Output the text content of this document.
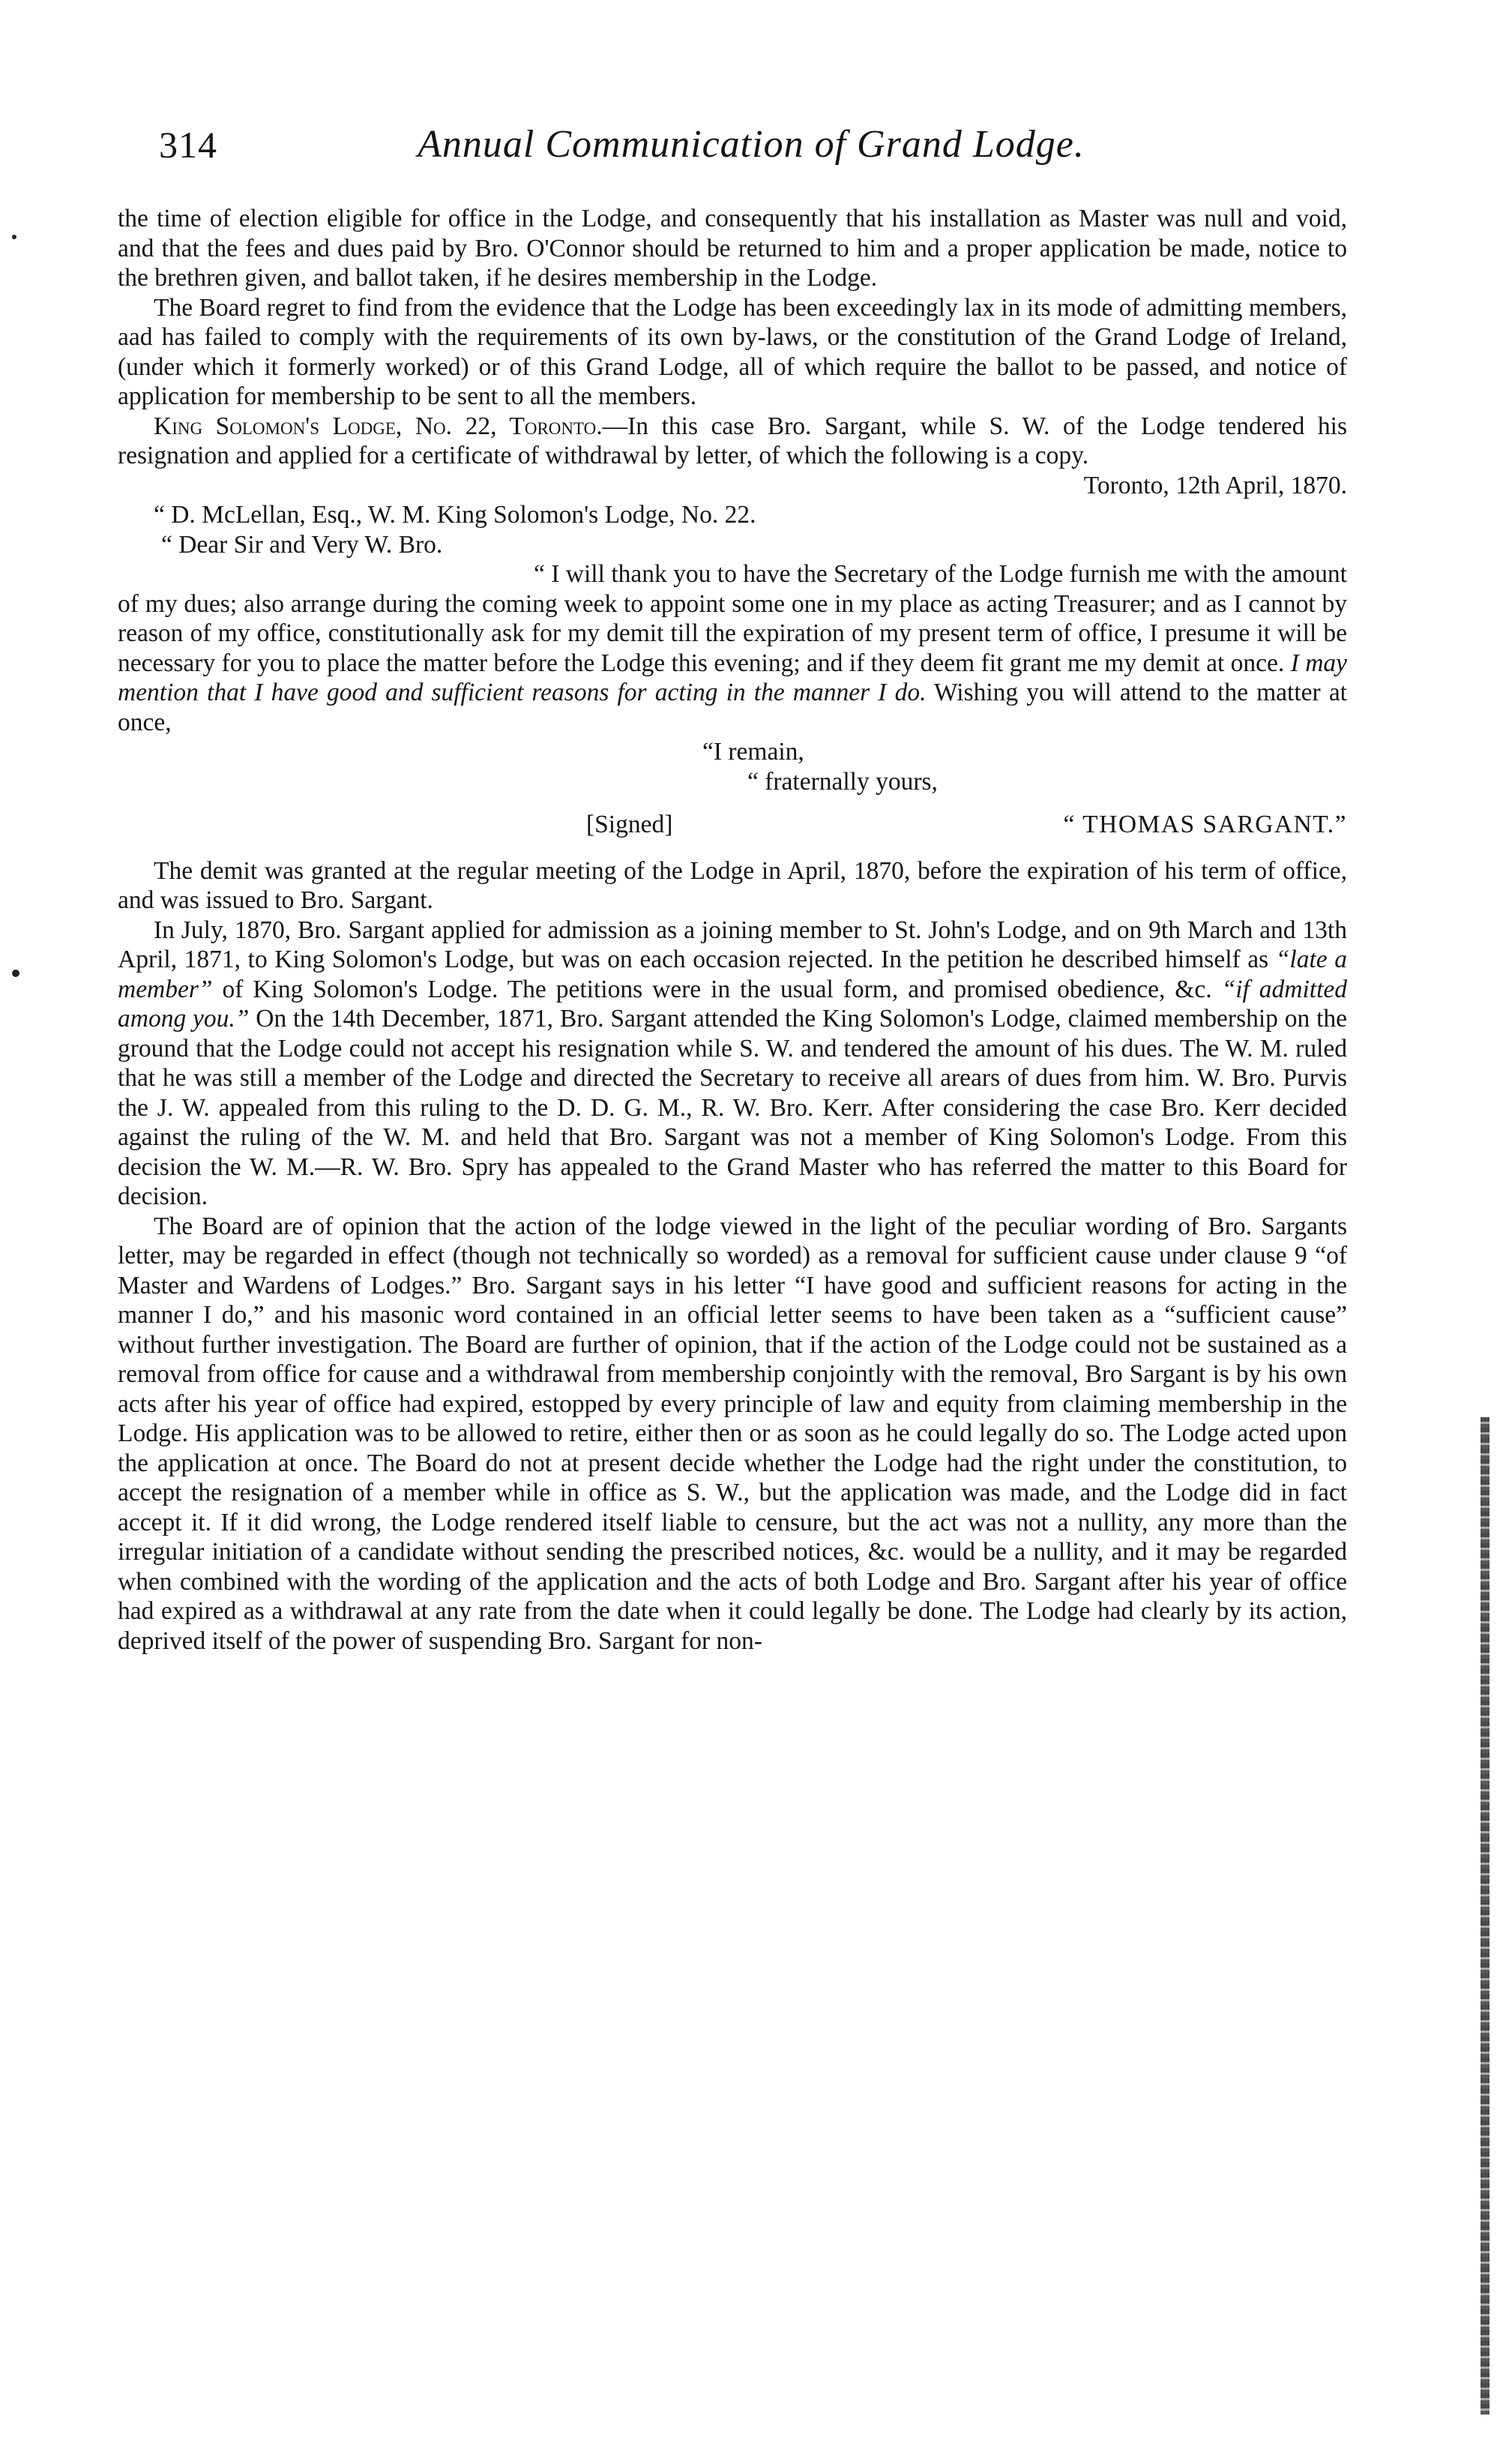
314	Annual Communication of Grand Lodge.

the time of election eligible for office in the Lodge, and consequently that his installation as Master was null and void, and that the fees and dues paid by Bro. O'Connor should be returned to him and a proper application be made, notice to the brethren given, and ballot taken, if he desires membership in the Lodge.

The Board regret to find from the evidence that the Lodge has been exceedingly lax in its mode of admitting members, aad has failed to comply with the requirements of its own by-laws, or the constitution of the Grand Lodge of Ireland, (under which it formerly worked) or of this Grand Lodge, all of which require the ballot to be passed, and notice of application for membership to be sent to all the members.

King Solomon's Lodge, No. 22, Toronto.—In this case Bro. Sargant, while S. W. of the Lodge tendered his resignation and applied for a certificate of withdrawal by letter, of which the following is a copy.

Toronto, 12th April, 1870.

“ D. McLellan, Esq., W. M. King Solomon's Lodge, No. 22.

“ Dear Sir and Very W. Bro.

“ I will thank you to have the Secretary of the Lodge furnish me with the amount of my dues; also arrange during the coming week to appoint some one in my place as acting Treasurer; and as I cannot by reason of my office, constitutionally ask for my demit till the expiration of my present term of office, I presume it will be necessary for you to place the matter before the Lodge this evening; and if they deem fit grant me my demit at once. I may mention that I have good and sufficient reasons for acting in the manner I do. Wishing you will attend to the matter at once,

“I remain,

“ fraternally yours,

[Signed]	“ THOMAS SARGANT.”

The demit was granted at the regular meeting of the Lodge in April, 1870, before the expiration of his term of office, and was issued to Bro. Sargant.

In July, 1870, Bro. Sargant applied for admission as a joining member to St. John's Lodge, and on 9th March and 13th April, 1871, to King Solomon's Lodge, but was on each occasion rejected. In the petition he described himself as “late a member” of King Solomon's Lodge. The petitions were in the usual form, and promised obedience, &c. “if admitted among you.” On the 14th December, 1871, Bro. Sargant attended the King Solomon's Lodge, claimed membership on the ground that the Lodge could not accept his resignation while S. W. and tendered the amount of his dues. The W. M. ruled that he was still a member of the Lodge and directed the Secretary to receive all arears of dues from him. W. Bro. Purvis the J. W. appealed from this ruling to the D. D. G. M., R. W. Bro. Kerr. After considering the case Bro. Kerr decided against the ruling of the W. M. and held that Bro. Sargant was not a member of King Solomon's Lodge. From this decision the W. M.—R. W. Bro. Spry has appealed to the Grand Master who has referred the matter to this Board for decision.

The Board are of opinion that the action of the lodge viewed in the light of the peculiar wording of Bro. Sargants letter, may be regarded in effect (though not technically so worded) as a removal for sufficient cause under clause 9 “of Master and Wardens of Lodges.” Bro. Sargant says in his letter “I have good and sufficient reasons for acting in the manner I do,” and his masonic word contained in an official letter seems to have been taken as a “sufficient cause” without further investigation. The Board are further of opinion, that if the action of the Lodge could not be sustained as a removal from office for cause and a withdrawal from membership conjointly with the removal, Bro Sargant is by his own acts after his year of office had expired, estopped by every principle of law and equity from claiming membership in the Lodge. His application was to be allowed to retire, either then or as soon as he could legally do so. The Lodge acted upon the application at once. The Board do not at present decide whether the Lodge had the right under the constitution, to accept the resignation of a member while in office as S. W., but the application was made, and the Lodge did in fact accept it. If it did wrong, the Lodge rendered itself liable to censure, but the act was not a nullity, any more than the irregular initiation of a candidate without sending the prescribed notices, &c. would be a nullity, and it may be regarded when combined with the wording of the application and the acts of both Lodge and Bro. Sargant after his year of office had expired as a withdrawal at any rate from the date when it could legally be done. The Lodge had clearly by its action, deprived itself of the power of suspending Bro. Sargant for non-
